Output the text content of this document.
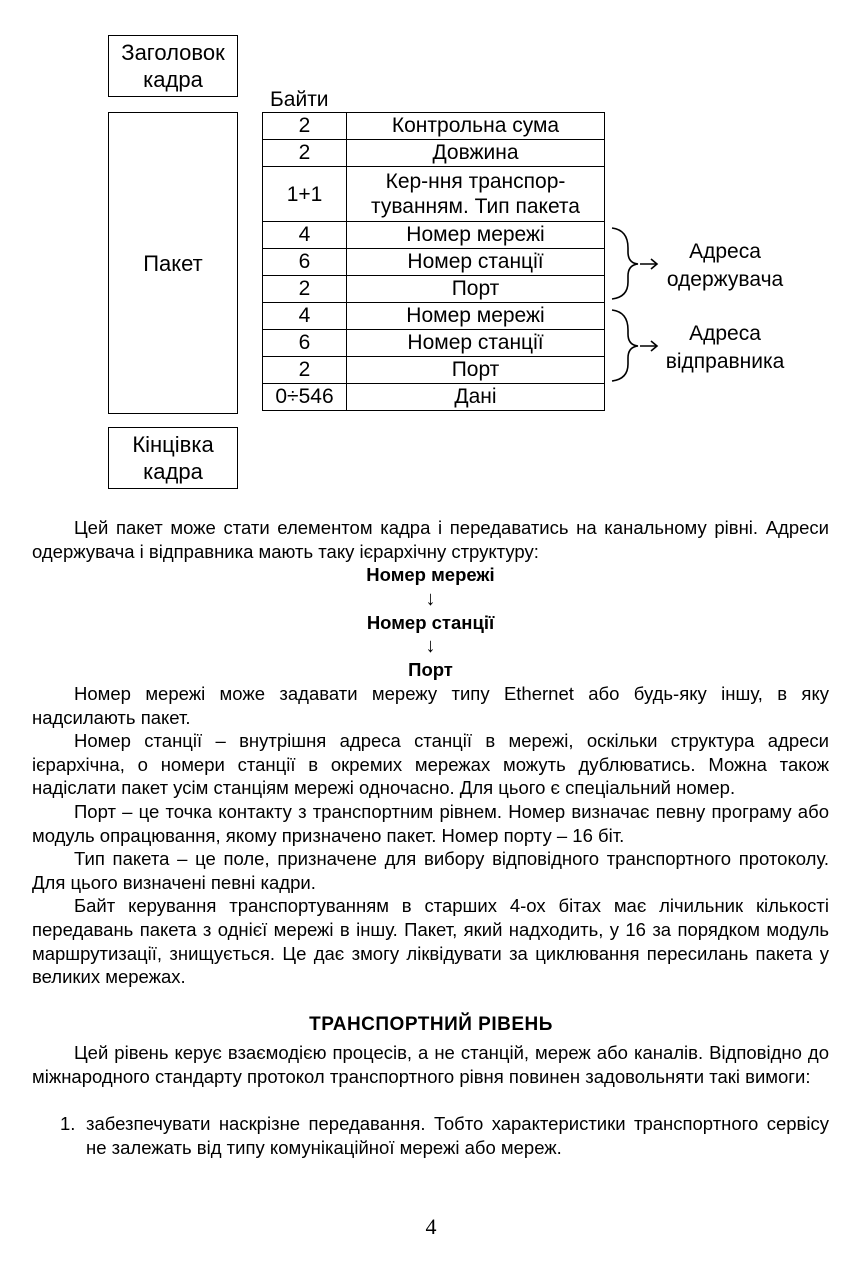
Заголовок кадра
Пакет
Кінцівка кадра
Байти
2	Контрольна сума
2	Довжина
1+1	Кер-ння транспор-туванням. Тип пакета
4	Номер мережі
6	Номер станції
2	Порт
4	Номер мережі
6	Номер станції
2	Порт
0÷546	Дані
Адреса одержувача
Адреса відправника

Цей пакет може стати елементом кадра і передаватись на канальному рівні. Адреси одержувача і відправника мають таку ієрархічну структуру:

Номер мережі
↓
Номер станції
↓
Порт

Номер мережі може задавати мережу типу Ethernet або будь-яку іншу, в яку надсилають пакет.

Номер станції – внутрішня адреса станції в мережі, оскільки структура адреси ієрархічна, о номери станції в окремих мережах можуть дублюватись. Можна також надіслати пакет усім станціям мережі одночасно. Для цього є спеціальний номер.

Порт – це точка контакту з транспортним рівнем. Номер визначає певну програму або модуль опрацювання, якому призначено пакет. Номер порту – 16 біт.

Тип пакета – це поле, призначене для вибору відповідного транспортного протоколу. Для цього визначені певні кадри.

Байт керування транспортуванням в старших 4-ох бітах має лічильник кількості передавань пакета з однієї мережі в іншу. Пакет, який надходить, у 16 за порядком модуль маршрутизації, знищується. Це дає змогу ліквідувати за циклювання пересилань пакета у великих мережах.

ТРАНСПОРТНИЙ РІВЕНЬ

Цей рівень керує взаємодією процесів, а не станцій, мереж або каналів. Відповідно до міжнародного стандарту протокол транспортного рівня повинен задовольняти такі вимоги:

1. забезпечувати наскрізне передавання. Тобто характеристики транспортного сервісу не залежать від типу комунікаційної мережі або мереж.
4
